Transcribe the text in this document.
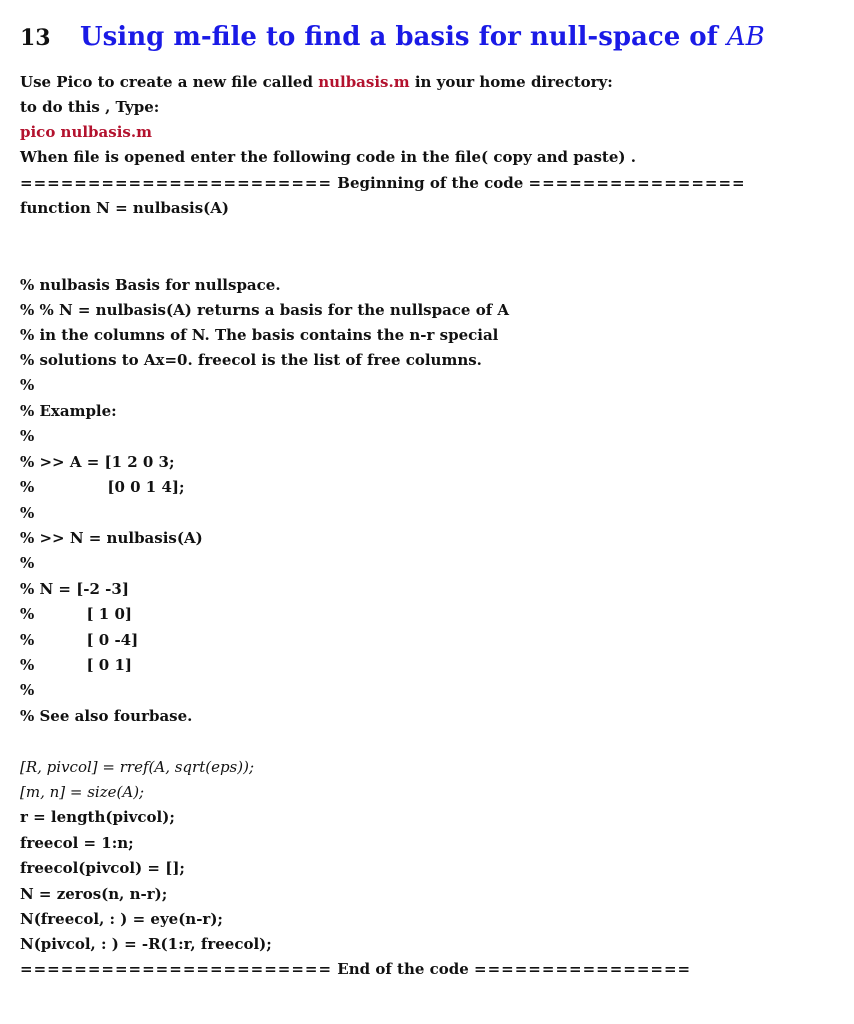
13 Using m-file to find a basis for null-space of AB
Use Pico to create a new file called nulbasis.m in your home directory:
to do this , Type:
pico nulbasis.m
When file is opened enter the following code in the file( copy and paste) .
======================= Beginning of the code ================
function N = nulbasis(A)
% nulbasis Basis for nullspace.
% % N = nulbasis(A) returns a basis for the nullspace of A
% in the columns of N. The basis contains the n-r special
% solutions to Ax=0. freecol is the list of free columns.
%
% Example:
%
% >> A = [1 2 0 3;
%              [0 0 1 4];
%
% >> N = nulbasis(A)
%
% N = [-2 -3]
%          [ 1 0]
%          [ 0 -4]
%          [ 0 1]
%
% See also fourbase.
[R, pivcol] = rref(A, sqrt(eps));
[m, n] = size(A);
r = length(pivcol);
freecol = 1:n;
freecol(pivcol) = [];
N = zeros(n, n-r);
N(freecol, : ) = eye(n-r);
N(pivcol, : ) = -R(1:r, freecol);
======================= End of the code ================
